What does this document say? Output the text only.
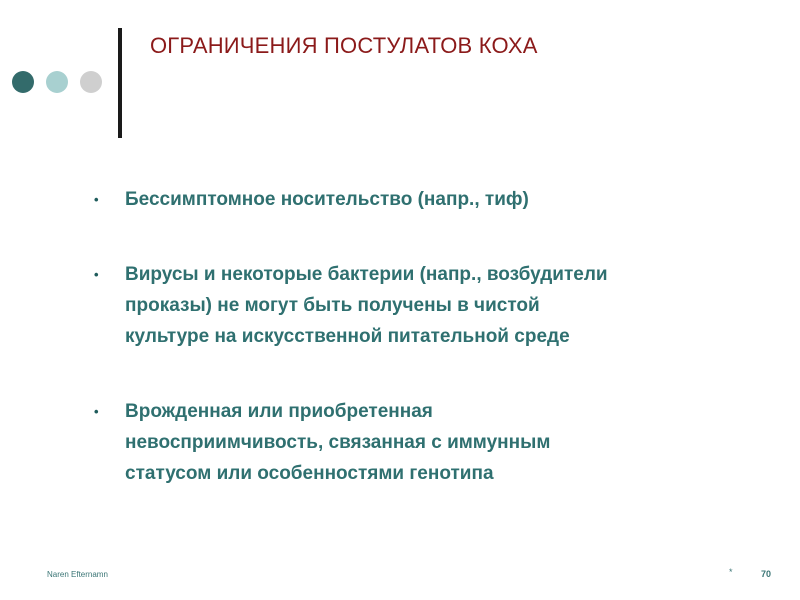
ОГРАНИЧЕНИЯ ПОСТУЛАТОВ КОХА
• Бессимптомное носительство (напр., тиф)
• Вирусы и некоторые бактерии (напр., возбудители
проказы) не могут быть получены в чистой
культуре на искусственной питательной среде
• Врожденная или приобретенная
невосприимчивость, связанная с иммунным
статусом или особенностями генотипа
Naren Efternamn	*	70
